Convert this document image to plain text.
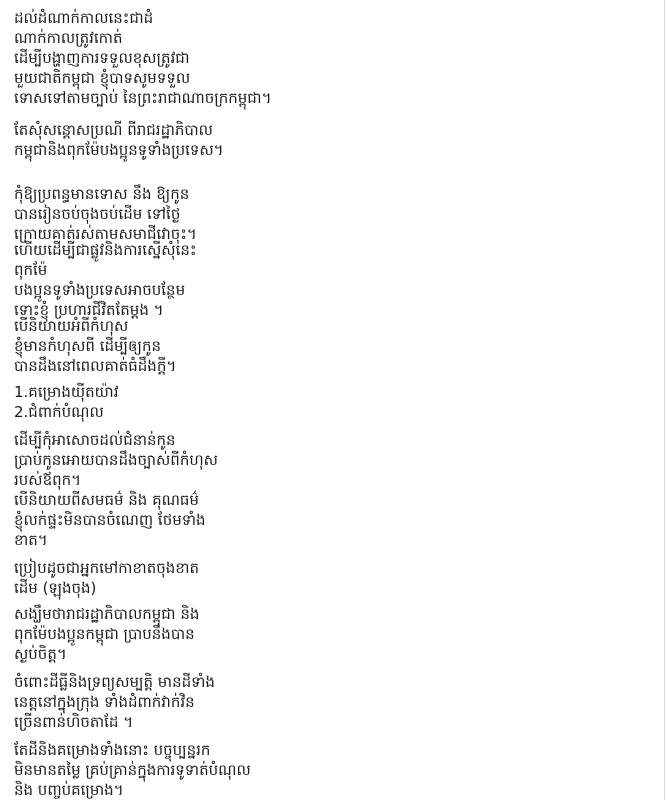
ដល់ដំណាក់កាលនេះជាដំ
ណាក់កាលត្រូវកោត់
ដើម្បីបង្ហាញការទទួលខុសត្រូវជា
មួយជាតិកម្ពុជា ខ្ញុំបាទសូមទទួល
ទោសទៅតាមច្បាប់ នៃព្រះរាជាណាចក្រកម្ពុជា។
តែសុំសន្តោសប្រណី ពីរាជរដ្ឋាភិបាល
កម្ពុជានិងពុកម៉ែបងប្អូនទូទាំងប្រទេស។
កុំឱ្យប្រពន្ធមានទោស នឹង ឱ្យកូន
បានរៀនចប់ចុងចប់ដើម ទៅថ្ងៃ
ក្រោយគាត់រស់តាមសមាជីវោចុះ។
ហើយដើម្បីជាផ្លូវនិងការស្នើសុំនេះ
ពុកម៉ែ
បងប្អូនទូទាំងប្រទេសអាចបន្ថែម
ទោះខ្ញុំ ប្រហារជីវិតតែម្តង ។
បើនិយាយអំពីកំហុស
ខ្ញុំមានកំហុសពី ដើម្បីឲ្យកូន
បានដឹងនៅពេលគាត់ធំដឹងក្តី។
1.គម្រោងយ៉ីតយ៉ាវ
2.ជំពាក់បំណុល
ដើម្បីកុំអាសោចដល់ជំនាន់កូន
ប្រាប់កូនអោយបានដឹងច្បាស់ពីកំហុស
របស់ឪពុក។
បើនិយាយពីសមធម៌ និង គុណធម៌
ខ្ញុំលក់ផ្ទះមិនបានចំណេញ ថែមទាំង
ខាត។
ប្រៀបដូចជាអ្នកមៅកាខាតចុងខាត
ដើម (ឡុងចុង)
សង្ឃឹមថារាជរដ្ឋាភិបាលកម្ពុជា និង
ពុកម៉ែបងប្អូនកម្ពុជា ប្រាបនឹងបាន
ស្ងប់ចិត្ត។
ចំពោះដីធ្លីនិងទ្រព្យសម្បត្តិ មានដីទាំង
នេត្តនៅក្នុងក្រុង ទាំងដំពាក់វាក់វិន
ច្រើនពាន់ហិចតាដែ ។
តែដីនិងគម្រោងទាំងនោះ បច្ចុប្បន្នរក
មិនមានតម្លៃ គ្រប់គ្រាន់ក្នុងការទូទាត់បំណុល
និង បញ្ចប់គម្រោង។
